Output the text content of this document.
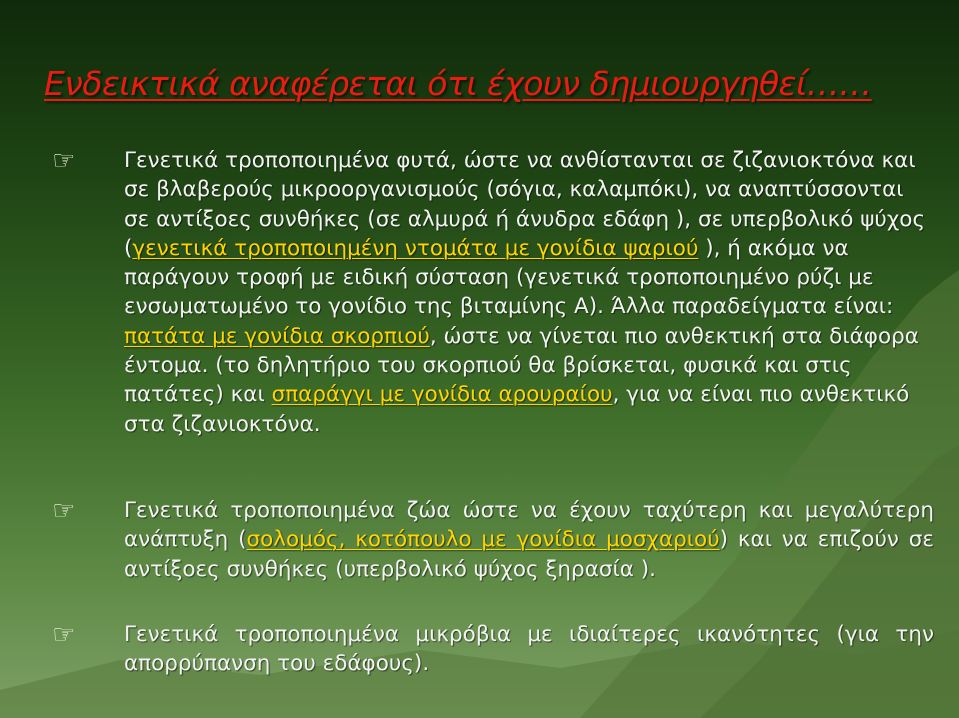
Ενδεικτικά αναφέρεται ότι έχουν δημιουργηθεί……
☞	Γενετικά τροποποιημένα φυτά, ώστε να ανθίστανται σε ζιζανιοκτόνα και σε βλαβερούς μικροοργανισμούς (σόγια, καλαμπόκι), να αναπτύσσονται σε αντίξοες συνθήκες (σε αλμυρά ή άνυδρα εδάφη ), σε υπερβολικό ψύχος (γενετικά τροποποιημένη ντομάτα με γονίδια ψαριού ), ή ακόμα να παράγουν τροφή με ειδική σύσταση (γενετικά τροποποιημένο ρύζι με ενσωματωμένο το γονίδιο της βιταμίνης Α). Άλλα παραδείγματα είναι: πατάτα με γονίδια σκορπιού, ώστε να γίνεται πιο ανθεκτική στα διάφορα έντομα. (το δηλητήριο του σκορπιού θα βρίσκεται, φυσικά και στις πατάτες) και σπαράγγι με γονίδια αρουραίου, για να είναι πιο ανθεκτικό στα ζιζανιοκτόνα.
☞	Γενετικά τροποποιημένα ζώα ώστε να έχουν ταχύτερη και μεγαλύτερη ανάπτυξη (σολομός, κοτόπουλο με γονίδια μοσχαριού) και να επιζούν σε αντίξοες συνθήκες (υπερβολικό ψύχος ξηρασία ).
☞	Γενετικά τροποποιημένα μικρόβια με ιδιαίτερες ικανότητες (για την απορρύπανση του εδάφους).
